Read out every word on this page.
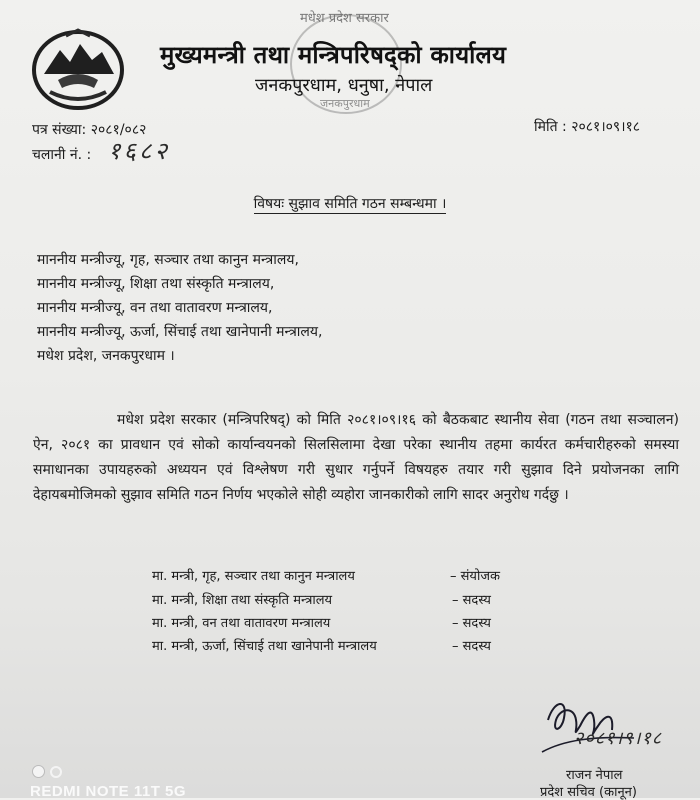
मधेश प्रदेश सरकार
जनकपुरधाम
मुख्यमन्त्री तथा मन्त्रिपरिषद्को कार्यालय
जनकपुरधाम, धनुषा, नेपाल
पत्र संख्या: २०८१/०८२
चलानी नं. : १६८२
मिति : २०८१।०९।१८
विषयः सुझाव समिति गठन सम्बन्धमा ।
माननीय मन्त्रीज्यू, गृह, सञ्चार तथा कानुन मन्त्रालय,
माननीय मन्त्रीज्यू, शिक्षा तथा संस्कृति मन्त्रालय,
माननीय मन्त्रीज्यू, वन तथा वातावरण मन्त्रालय,
माननीय मन्त्रीज्यू, ऊर्जा, सिंचाई तथा खानेपानी मन्त्रालय,
मधेश प्रदेश, जनकपुरधाम ।
मधेश प्रदेश सरकार (मन्त्रिपरिषद्) को मिति २०८१।०९।१६ को बैठकबाट स्थानीय सेवा (गठन तथा सञ्चालन) ऐन, २०८१ का प्रावधान एवं सोको कार्यान्वयनको सिलसिलामा देखा परेका स्थानीय तहमा कार्यरत कर्मचारीहरुको समस्या समाधानका उपायहरुको अध्ययन एवं विश्लेषण गरी सुधार गर्नुपर्ने विषयहरु तयार गरी सुझाव दिने प्रयोजनका लागि देहायबमोजिमको सुझाव समिति गठन निर्णय भएकोले सोही व्यहोरा जानकारीको लागि सादर अनुरोध गर्दछु ।
मा. मन्त्री, गृह, सञ्चार तथा कानुन मन्त्रालय	– संयोजक
मा. मन्त्री, शिक्षा तथा संस्कृति मन्त्रालय	– सदस्य
मा. मन्त्री, वन तथा वातावरण मन्त्रालय	– सदस्य
मा. मन्त्री, ऊर्जा, सिंचाई तथा खानेपानी मन्त्रालय	– सदस्य
२०८१।९।१८
राजन नेपाल
प्रदेश सचिव (कानून)
REDMI NOTE 11T 5G
